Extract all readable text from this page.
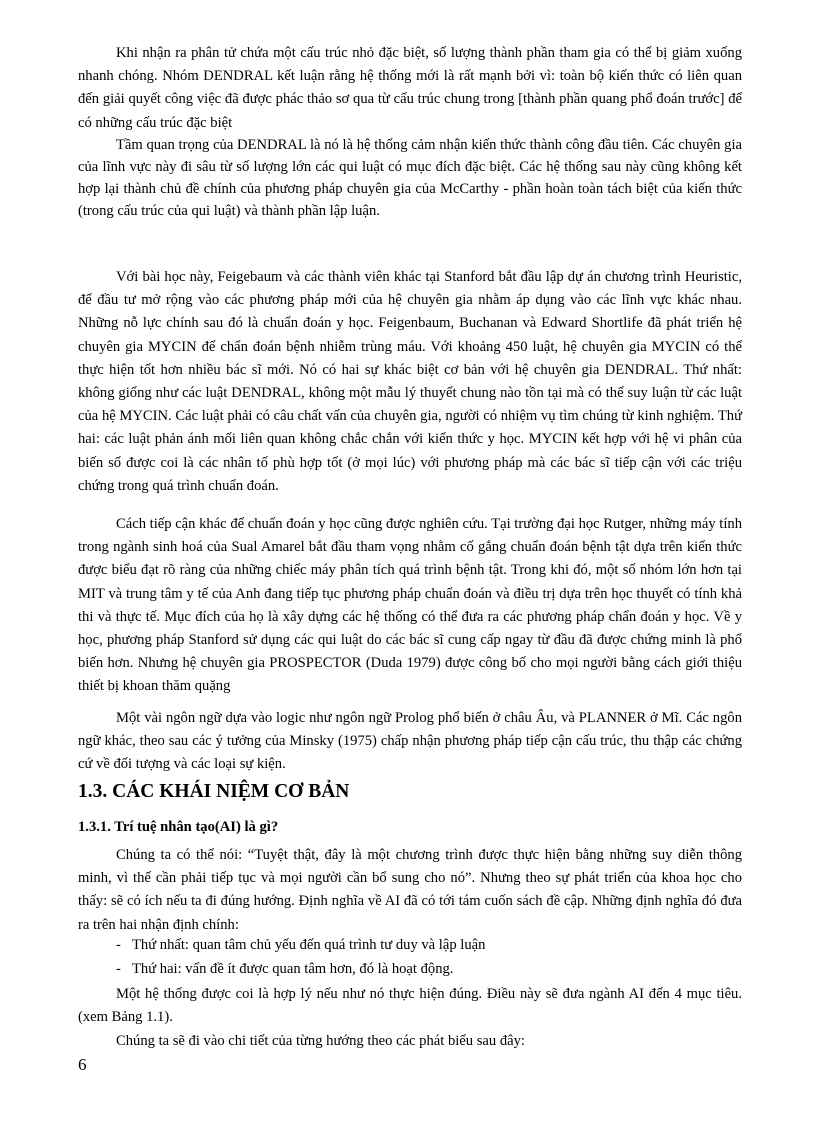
Khi nhận ra phân tử chứa một cấu trúc nhỏ đặc biệt, số lượng thành phần tham gia có thể bị giảm xuống nhanh chóng. Nhóm DENDRAL kết luận rằng hệ thống mới là rất mạnh bởi vì: toàn bộ kiến thức có liên quan đến giải quyết công việc đã được phác thảo sơ qua từ cấu trúc chung trong [thành phần quang phổ đoán trước] để có những cấu trúc đặc biệt

Tầm quan trọng của DENDRAL là nó là hệ thống cảm nhận kiến thức thành công đầu tiên. Các chuyên gia của lĩnh vực này đi sâu từ số lượng lớn các qui luật có mục đích đặc biệt. Các hệ thống sau này cũng không kết hợp lại thành chủ đề chính của phương pháp chuyên gia của McCarthy - phần hoàn toàn tách biệt của kiến thức (trong cấu trúc của qui luật) và thành phần lập luận.

Với bài học này, Feigebaum và các thành viên khác tại Stanford bắt đầu lập dự án chương trình Heuristic, để đầu tư mở rộng vào các phương pháp mới của hệ chuyên gia nhằm áp dụng vào các lĩnh vực khác nhau. Những nỗ lực chính sau đó là chuẩn đoán y học. Feigenbaum, Buchanan và Edward Shortlife đã phát triển hệ chuyên gia MYCIN để chẩn đoán bệnh nhiễm trùng máu. Với khoảng 450 luật, hệ chuyên gia MYCIN có thể thực hiện tốt hơn nhiều bác sĩ mới. Nó có hai sự khác biệt cơ bản với hệ chuyên gia DENDRAL. Thứ nhất: không giống như các luật DENDRAL, không một mẫu lý thuyết chung nào tồn tại mà có thể suy luận từ các luật của hệ MYCIN. Các luật phải có câu chất vấn của chuyên gia, người có nhiệm vụ tìm chúng từ kinh nghiệm. Thứ hai: các luật phản ánh mối liên quan không chắc chắn với kiến thức y học. MYCIN kết hợp với hệ vi phân của biến số được coi là các nhân tố phù hợp tốt (ở mọi lúc) với phương pháp mà các bác sĩ tiếp cận với các triệu chứng trong quá trình chuẩn đoán.

Cách tiếp cận khác để chuẩn đoán y học cũng được nghiên cứu. Tại trường đại học Rutger, những máy tính trong ngành sinh hoá của Sual Amarel bắt đầu tham vọng nhằm cố gắng chuẩn đoán bệnh tật dựa trên kiến thức được biểu đạt rõ ràng của những chiếc máy phân tích quá trình bệnh tật. Trong khi đó, một số nhóm lớn hơn tại MIT và trung tâm y tế của Anh đang tiếp tục phương pháp chuẩn đoán và điều trị dựa trên học thuyết có tính khả thi và thực tế. Mục đích của họ là xây dựng các hệ thống có thể đưa ra các phương pháp chẩn đoán y học. Về y học, phương pháp Stanford sử dụng các qui luật do các bác sĩ cung cấp ngay từ đầu đã được chứng minh là phổ biến hơn. Nhưng hệ chuyên gia PROSPECTOR (Duda 1979) được công bố cho mọi người bằng cách giới thiệu thiết bị khoan thăm quặng

Một vài ngôn ngữ dựa vào logic như ngôn ngữ Prolog phổ biến ở châu Âu, và PLANNER ở Mĩ. Các ngôn ngữ khác, theo sau các ý tưởng của Minsky (1975) chấp nhận phương pháp tiếp cận cấu trúc, thu thập các chứng cứ về đối tượng và các loại sự kiện.

1.3. CÁC KHÁI NIỆM CƠ BẢN
1.3.1. Trí tuệ nhân tạo(AI) là gì?

Chúng ta có thể nói: “Tuyệt thật, đây là một chương trình được thực hiện bằng những suy diễn thông minh, vì thế cần phải tiếp tục và mọi người cần bổ sung cho nó”. Nhưng theo sự phát triển của khoa học cho thấy: sẽ có ích nếu ta đi đúng hướng. Định nghĩa về AI đã có tới tám cuốn sách đề cập. Những định nghĩa đó đưa ra trên hai nhận định chính:

- Thứ nhất: quan tâm chủ yếu đến quá trình tư duy và lập luận
- Thứ hai: vấn đề ít được quan tâm hơn, đó là hoạt động.

Một hệ thống được coi là hợp lý nếu như nó thực hiện đúng. Điều này sẽ đưa ngành AI đến 4 mục tiêu.(xem Bảng 1.1).

Chúng ta sẽ đi vào chi tiết của từng hướng theo các phát biểu sau đây:

6
